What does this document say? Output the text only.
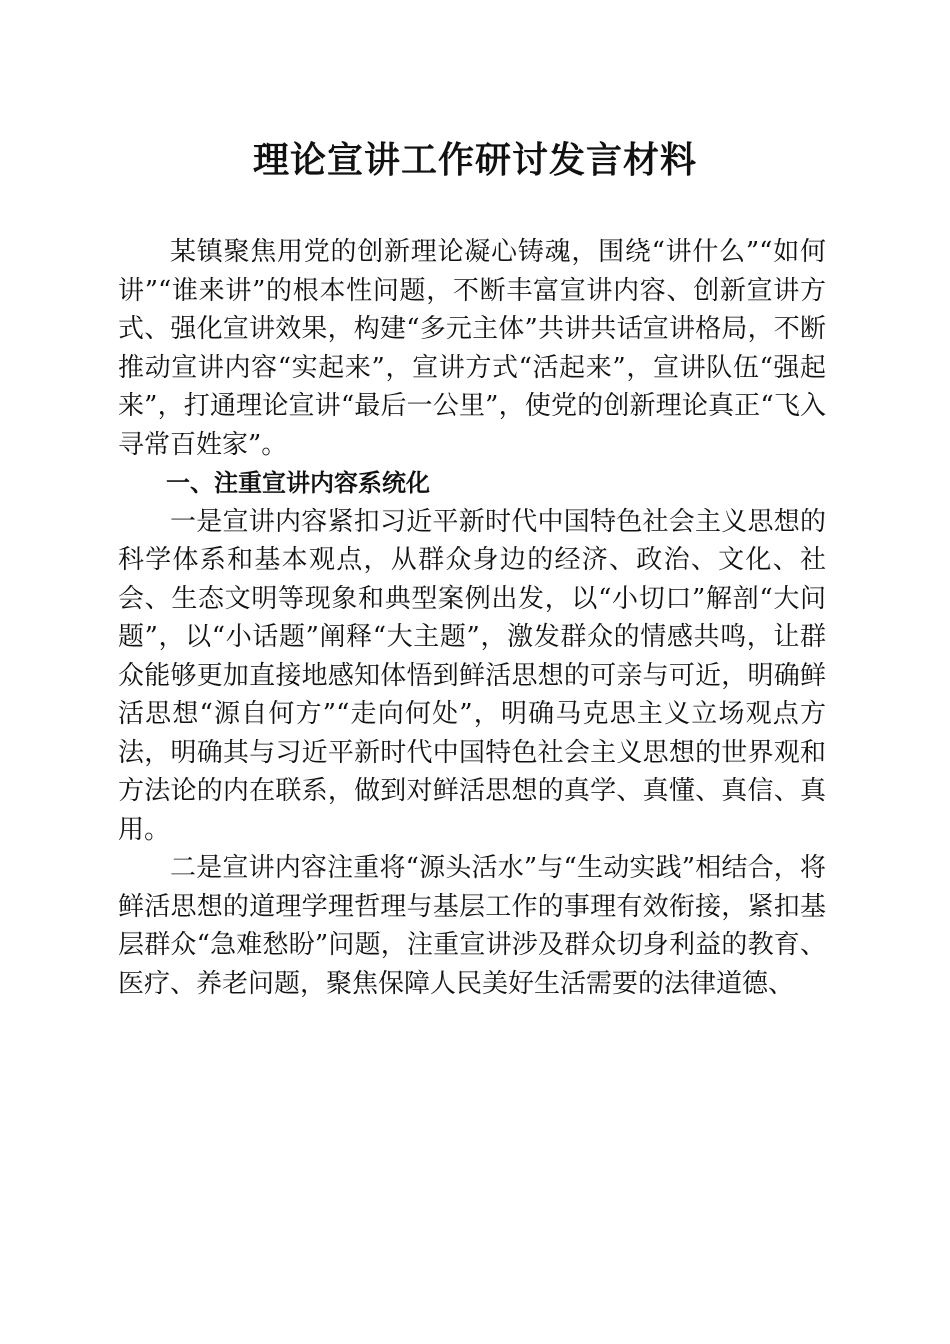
理论宣讲工作研讨发言材料

某镇聚焦用党的创新理论凝心铸魂，围绕“讲什么”“如何讲”“谁来讲”的根本性问题，不断丰富宣讲内容、创新宣讲方式、强化宣讲效果，构建“多元主体”共讲共话宣讲格局，不断推动宣讲内容“实起来”，宣讲方式“活起来”，宣讲队伍“强起来”，打通理论宣讲“最后一公里”，使党的创新理论真正“飞入寻常百姓家”。

一、注重宣讲内容系统化

一是宣讲内容紧扣习近平新时代中国特色社会主义思想的科学体系和基本观点，从群众身边的经济、政治、文化、社会、生态文明等现象和典型案例出发，以“小切口”解剖“大问题”，以“小话题”阐释“大主题”，激发群众的情感共鸣，让群众能够更加直接地感知体悟到鲜活思想的可亲与可近，明确鲜活思想“源自何方”“走向何处”，明确马克思主义立场观点方法，明确其与习近平新时代中国特色社会主义思想的世界观和方法论的内在联系，做到对鲜活思想的真学、真懂、真信、真用。

二是宣讲内容注重将“源头活水”与“生动实践”相结合，将鲜活思想的道理学理哲理与基层工作的事理有效衔接，紧扣基层群众“急难愁盼”问题，注重宣讲涉及群众切身利益的教育、医疗、养老问题，聚焦保障人民美好生活需要的法律道德、
